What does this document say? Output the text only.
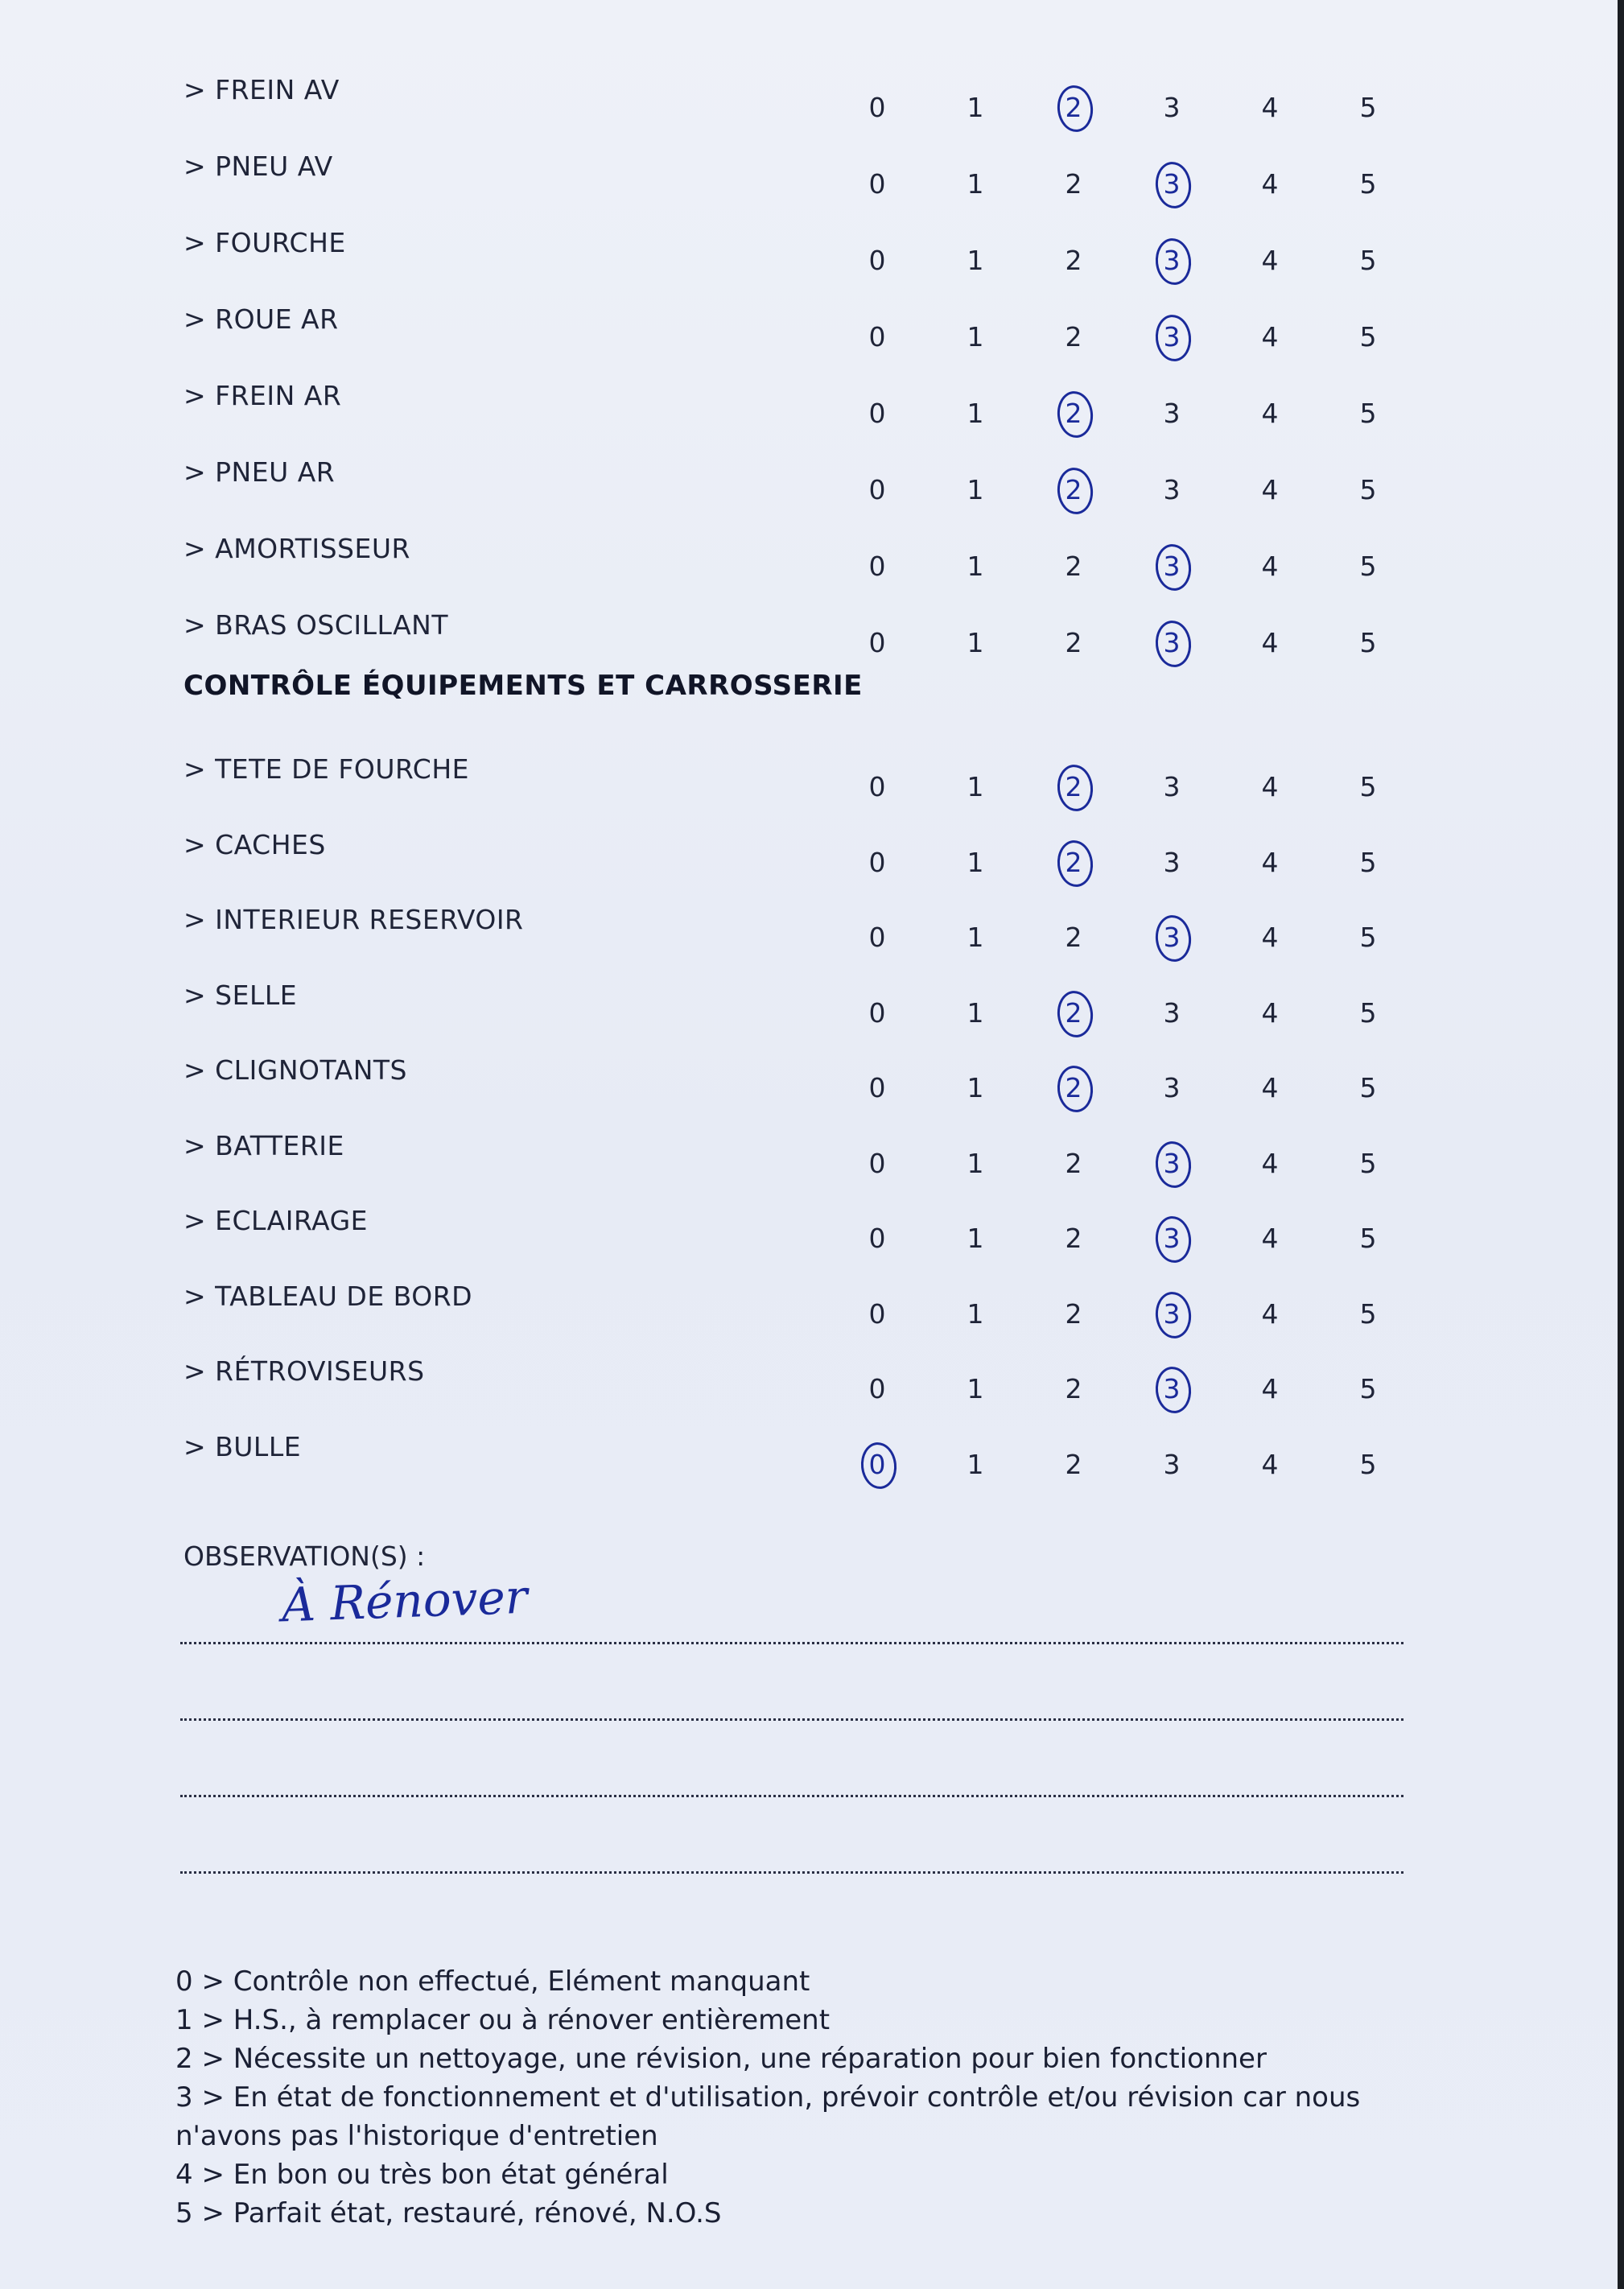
> FREIN AV
0	1	2	3	4	5
> PNEU AV
0	1	2	3	4	5
> FOURCHE
0	1	2	3	4	5
> ROUE AR
0	1	2	3	4	5
> FREIN AR
0	1	2	3	4	5
> PNEU AR
0	1	2	3	4	5
> AMORTISSEUR
0	1	2	3	4	5
> BRAS OSCILLANT
0	1	2	3	4	5
CONTRÔLE ÉQUIPEMENTS ET CARROSSERIE
> TETE DE FOURCHE
0	1	2	3	4	5
> CACHES
0	1	2	3	4	5
> INTERIEUR RESERVOIR
0	1	2	3	4	5
> SELLE
0	1	2	3	4	5
> CLIGNOTANTS
0	1	2	3	4	5
> BATTERIE
0	1	2	3	4	5
> ECLAIRAGE
0	1	2	3	4	5
> TABLEAU DE BORD
0	1	2	3	4	5
> RÉTROVISEURS
0	1	2	3	4	5
> BULLE
0	1	2	3	4	5
OBSERVATION(S) :
À Rénover
0 > Contrôle non effectué, Elément manquant
1 > H.S., à remplacer ou à rénover entièrement
2 > Nécessite un nettoyage, une révision, une réparation pour bien fonctionner
3 > En état de fonctionnement et d'utilisation, prévoir contrôle et/ou révision car nous
n'avons pas l'historique d'entretien
4 > En bon ou très bon état général
5 > Parfait état, restauré, rénové, N.O.S
